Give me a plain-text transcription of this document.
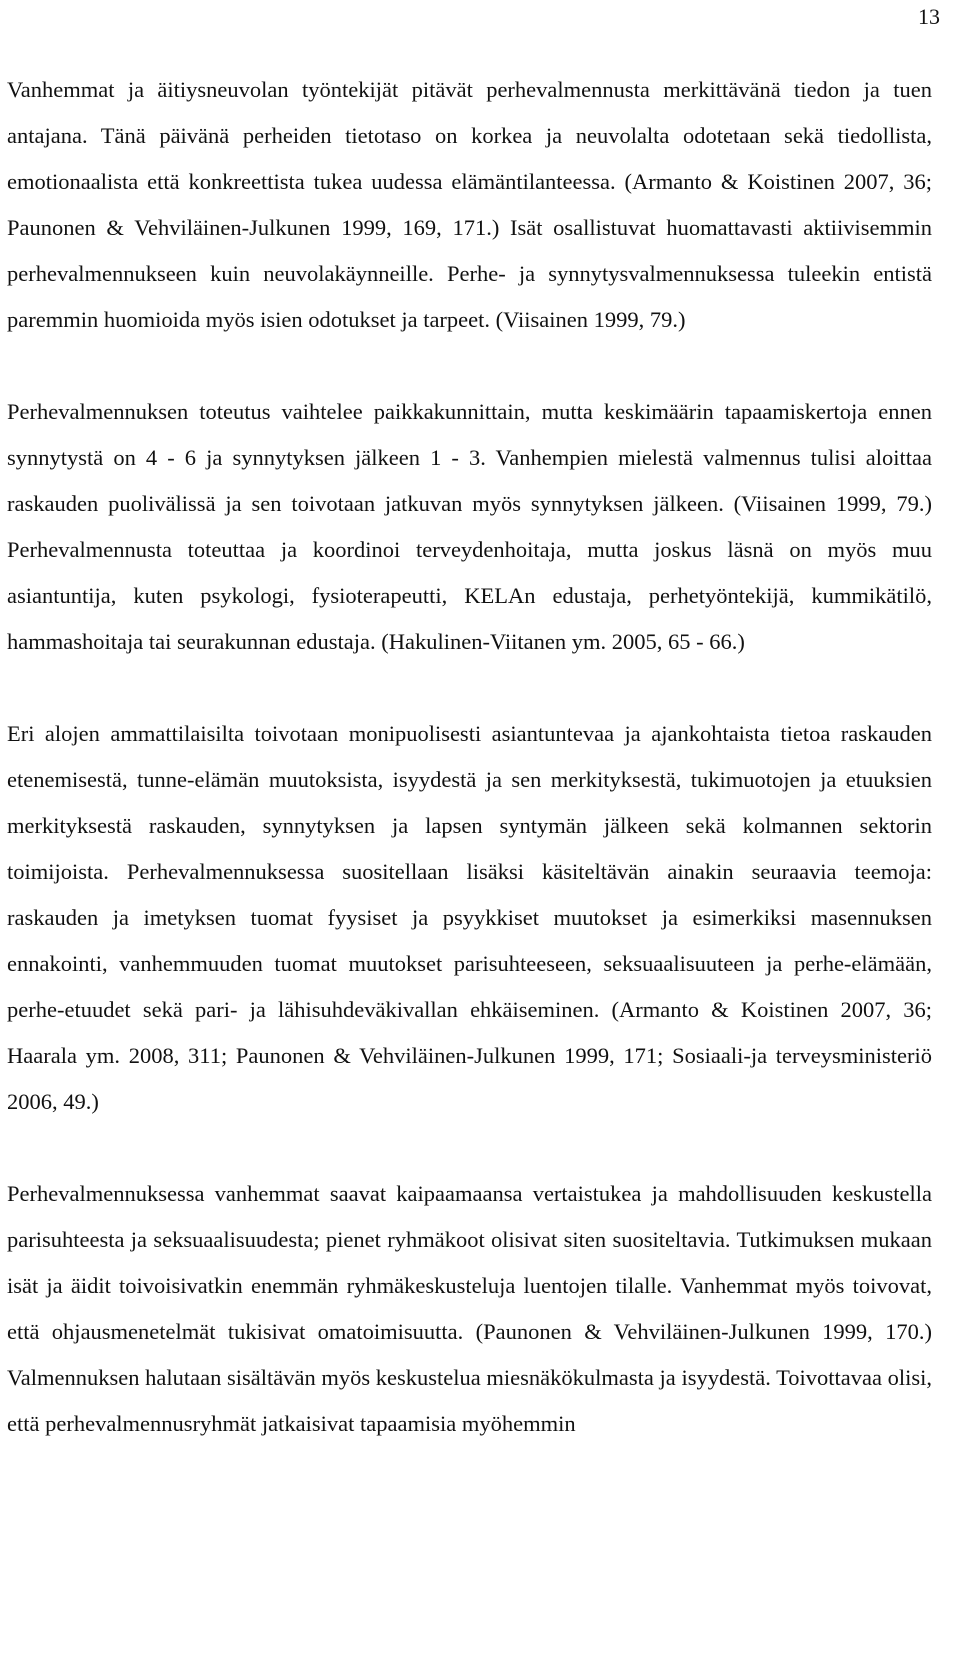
13

Vanhemmat ja äitiysneuvolan työntekijät pitävät perhevalmennusta merkittävänä tiedon ja tuen antajana. Tänä päivänä perheiden tietotaso on korkea ja neuvolalta odotetaan sekä tiedollista, emotionaalista että konkreettista tukea uudessa elämäntilanteessa. (Armanto & Koistinen 2007, 36; Paunonen & Vehviläinen-Julkunen 1999, 169, 171.) Isät osallistuvat huomattavasti aktiivisemmin perhevalmennukseen kuin neuvolakäynneille. Perhe- ja synnytysvalmennuksessa tuleekin entistä paremmin huomioida myös isien odotukset ja tarpeet. (Viisainen 1999, 79.)

Perhevalmennuksen toteutus vaihtelee paikkakunnittain, mutta keskimäärin tapaamiskertoja ennen synnytystä on 4 - 6 ja synnytyksen jälkeen 1 - 3. Vanhempien mielestä valmennus tulisi aloittaa raskauden puolivälissä ja sen toivotaan jatkuvan myös synnytyksen jälkeen. (Viisainen 1999, 79.) Perhevalmennusta toteuttaa ja koordinoi terveydenhoitaja, mutta joskus läsnä on myös muu asiantuntija, kuten psykologi, fysioterapeutti, KELAn edustaja, perhetyöntekijä, kummikätilö, hammashoitaja tai seurakunnan edustaja. (Hakulinen-Viitanen ym. 2005, 65 - 66.)

Eri alojen ammattilaisilta toivotaan monipuolisesti asiantuntevaa ja ajankohtaista tietoa raskauden etenemisestä, tunne-elämän muutoksista, isyydestä ja sen merkityksestä, tukimuotojen ja etuuksien merkityksestä raskauden, synnytyksen ja lapsen syntymän jälkeen sekä kolmannen sektorin toimijoista. Perhevalmennuksessa suositellaan lisäksi käsiteltävän ainakin seuraavia teemoja: raskauden ja imetyksen tuomat fyysiset ja psyykkiset muutokset ja esimerkiksi masennuksen ennakointi, vanhemmuuden tuomat muutokset parisuhteeseen, seksuaalisuuteen ja perhe-elämään, perhe-etuudet sekä pari- ja lähisuhdeväkivallan ehkäiseminen. (Armanto & Koistinen 2007, 36; Haarala ym. 2008, 311; Paunonen & Vehviläinen-Julkunen 1999, 171; Sosiaali-ja terveysministeriö 2006, 49.)

Perhevalmennuksessa vanhemmat saavat kaipaamaansa vertaistukea ja mahdollisuuden keskustella parisuhteesta ja seksuaalisuudesta; pienet ryhmäkoot olisivat siten suositeltavia. Tutkimuksen mukaan isät ja äidit toivoisivatkin enemmän ryhmäkeskusteluja luentojen tilalle. Vanhemmat myös toivovat, että ohjausmenetelmät tukisivat omatoimisuutta. (Paunonen & Vehviläinen-Julkunen 1999, 170.) Valmennuksen halutaan sisältävän myös keskustelua miesnäkökulmasta ja isyydestä. Toivottavaa olisi, että perhevalmennusryhmät jatkaisivat tapaamisia myöhemmin
